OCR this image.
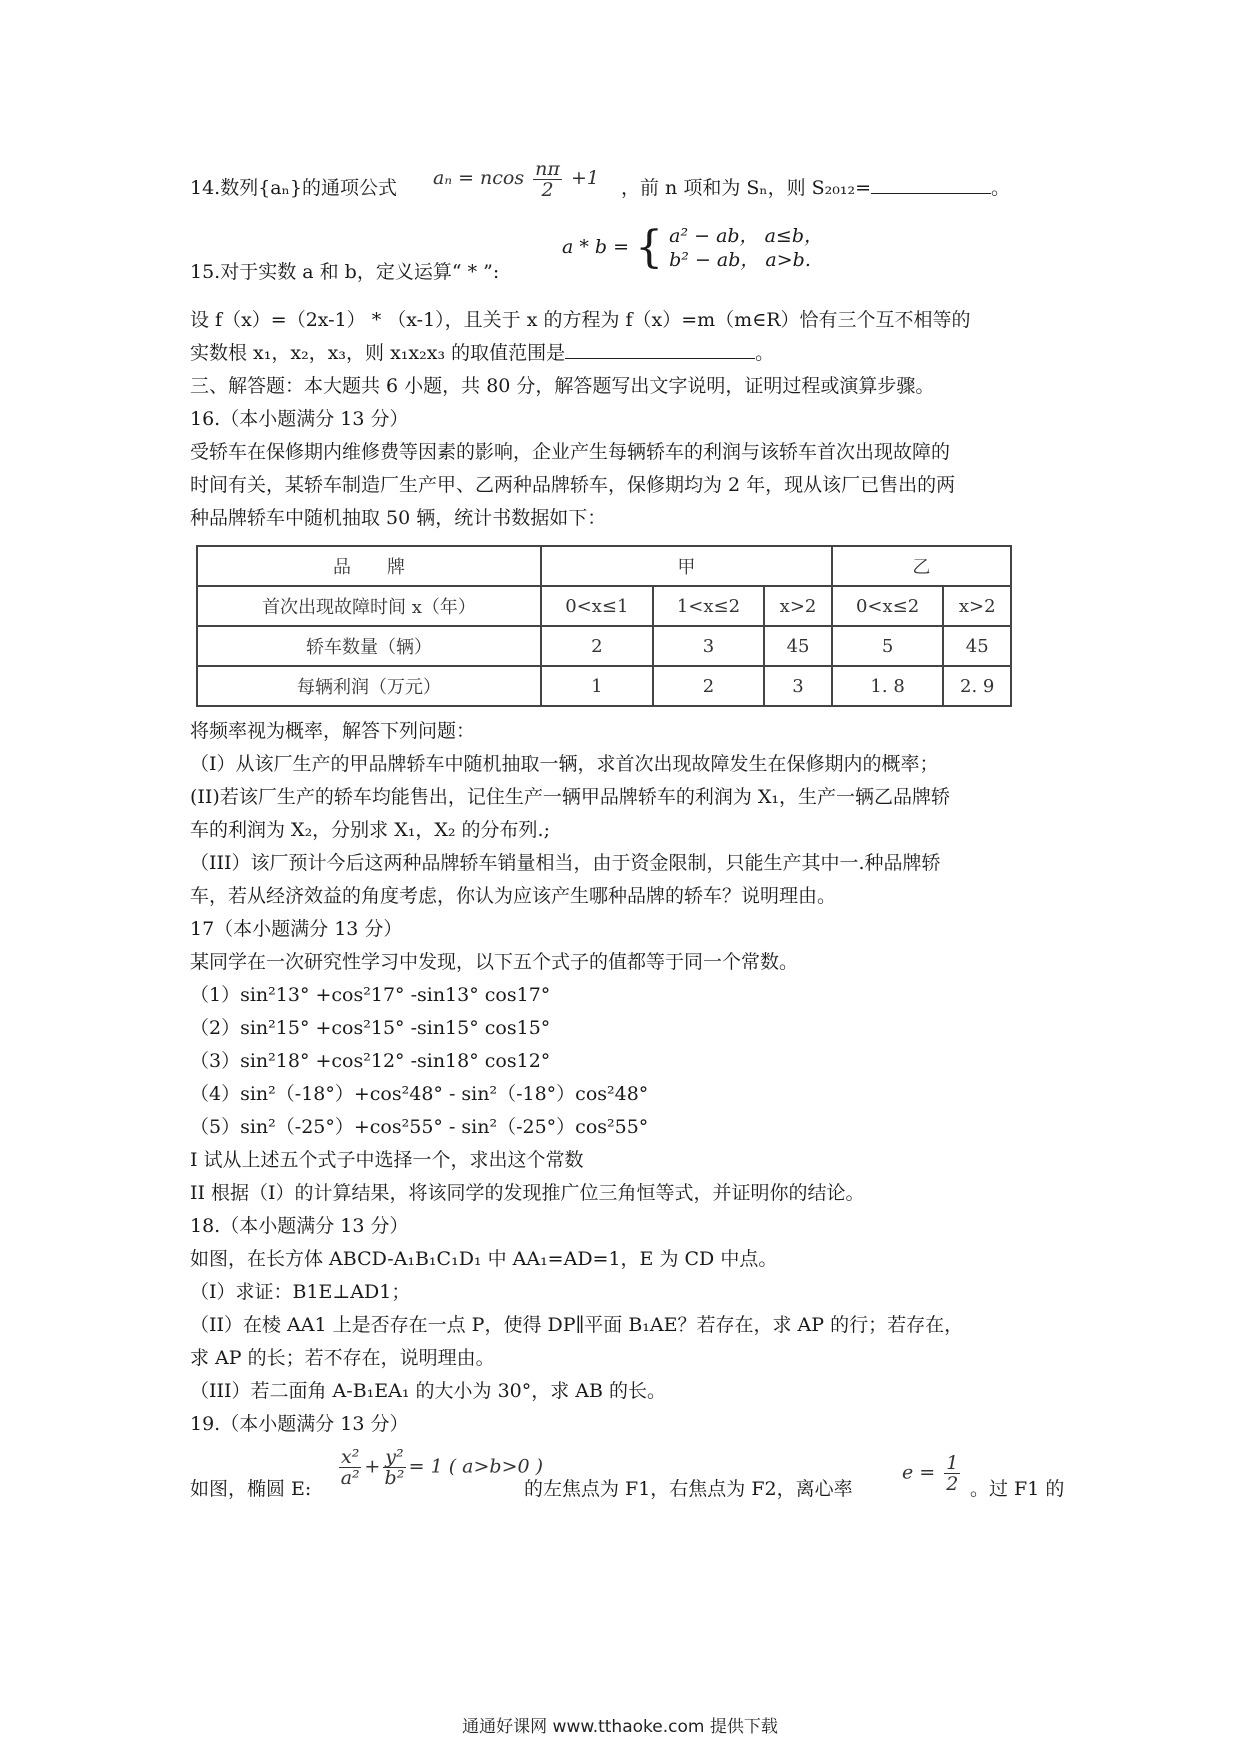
14.数列{aₙ}的通项公式 aₙ = ncos $\frac{n\pi}{2} +1$ ，前 n 项和为 Sₙ，则 S₂₀₁₂=	。
15.对于实数 a 和 b，定义运算“ * ”:
a * b = { a² − ab， a≤b，
b² − ab， a>b.
设 f（x）=（2x-1） * （x-1），且关于 x 的方程为 f（x）=m（m∈R）恰有三个互不相等的
实数根 x₁，x₂，x₃，则 x₁x₂x₃ 的取值范围是	。
三、解答题：本大题共 6 小题，共 80 分，解答题写出文字说明，证明过程或演算步骤。
16.（本小题满分 13 分）
受轿车在保修期内维修费等因素的影响，企业产生每辆轿车的利润与该轿车首次出现故障的
时间有关，某轿车制造厂生产甲、乙两种品牌轿车，保修期均为 2 年，现从该厂已售出的两
种品牌轿车中随机抽取 50 辆，统计书数据如下：
品　　牌	甲			乙	
首次出现故障时间 x（年）	0<x≤1	1<x≤2	x>2	0<x≤2	x>2
轿车数量（辆）	2	3	45	5	45
每辆利润（万元）	1	2	3	1. 8	2. 9
将频率视为概率，解答下列问题：
（I）从该厂生产的甲品牌轿车中随机抽取一辆，求首次出现故障发生在保修期内的概率；
(II)若该厂生产的轿车均能售出，记住生产一辆甲品牌轿车的利润为 X₁，生产一辆乙品牌轿
车的利润为 X₂，分别求 X₁，X₂ 的分布列.;
（III）该厂预计今后这两种品牌轿车销量相当，由于资金限制，只能生产其中一.种品牌轿
车，若从经济效益的角度考虑，你认为应该产生哪种品牌的轿车？说明理由。
17（本小题满分 13 分）
某同学在一次研究性学习中发现，以下五个式子的值都等于同一个常数。
（1）sin²13° +cos²17° -sin13° cos17°
（2）sin²15° +cos²15° -sin15° cos15°
（3）sin²18° +cos²12° -sin18° cos12°
（4）sin²（-18°）+cos²48° - sin²（-18°）cos²48°
（5）sin²（-25°）+cos²55° - sin²（-25°）cos²55°
I 试从上述五个式子中选择一个，求出这个常数
II 根据（I）的计算结果，将该同学的发现推广位三角恒等式，并证明你的结论。
18.（本小题满分 13 分）
如图，在长方体 ABCD-A₁B₁C₁D₁ 中 AA₁=AD=1，E 为 CD 中点。
（I）求证：B1E⊥AD1；
（II）在棱 AA1 上是否存在一点 P，使得 DP∥平面 B₁AE？若存在，求 AP 的行；若存在，
求 AP 的长；若不存在，说明理由。
（III）若二面角 A-B₁EA₁ 的大小为 30°，求 AB 的长。
19.（本小题满分 13 分）
如图，椭圆 E:
$\frac{\text{x²}}{\text{a²}} + \frac{\text{y²}}{\text{b²}} = 1$ ( a>b>0 )
的左焦点为 F1，右焦点为 F2，离心率
$e = \frac{1}{2}$ 。过 F1 的
通通好课网 www.tthaoke.com 提供下载
